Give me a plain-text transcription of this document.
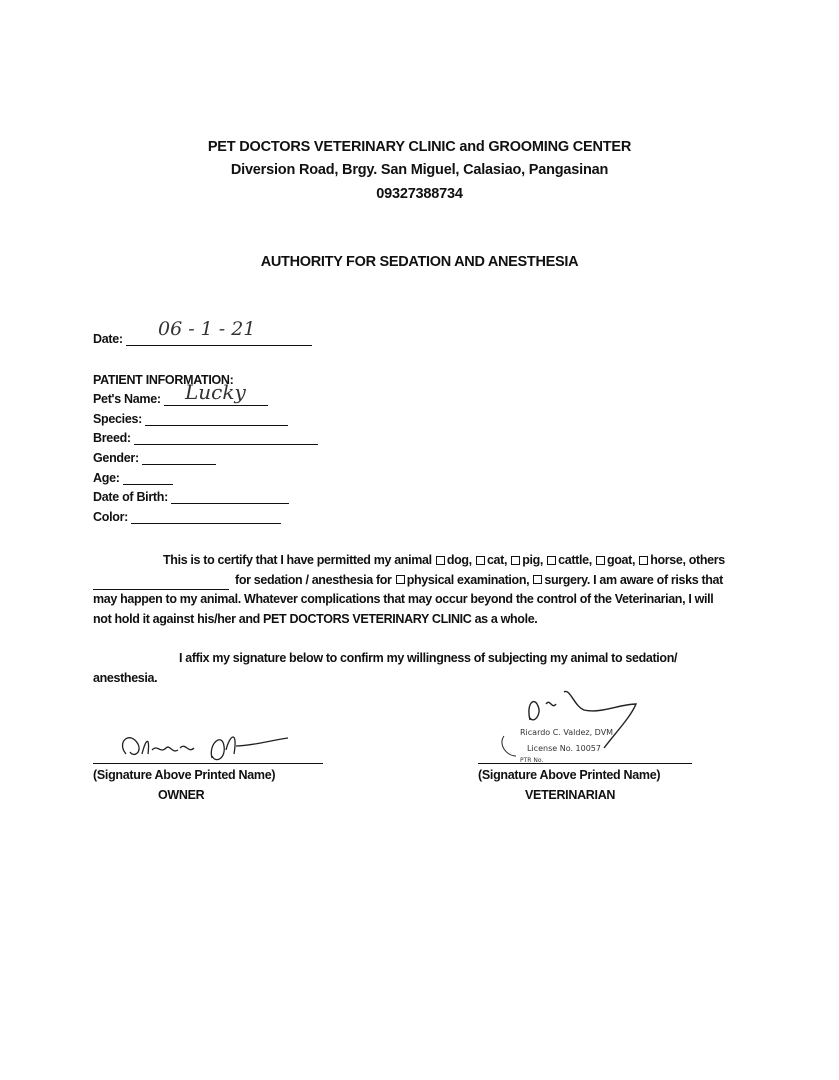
PET DOCTORS VETERINARY CLINIC and GROOMING CENTER
Diversion Road, Brgy. San Miguel, Calasiao, Pangasinan
09327388734
AUTHORITY FOR SEDATION AND ANESTHESIA
Date:	06 - 1 - 21
PATIENT INFORMATION:
Pet's Name:	Lucky
Species:
Breed:
Gender:
Age:
Date of Birth:
Color:
This is to certify that I have permitted my animal dog, cat, pig, cattle, goat, horse, others for sedation / anesthesia for physical examination, surgery. I am aware of risks that may happen to my animal. Whatever complications that may occur beyond the control of the Veterinarian, I will not hold it against his/her and PET DOCTORS VETERINARY CLINIC as a whole.
I affix my signature below to confirm my willingness of subjecting my animal to sedation/ anesthesia.
(Signature Above Printed Name)
OWNER
Ricardo C. Valdez, DVM
License No. 10057
PTR No.
(Signature Above Printed Name)
VETERINARIAN
